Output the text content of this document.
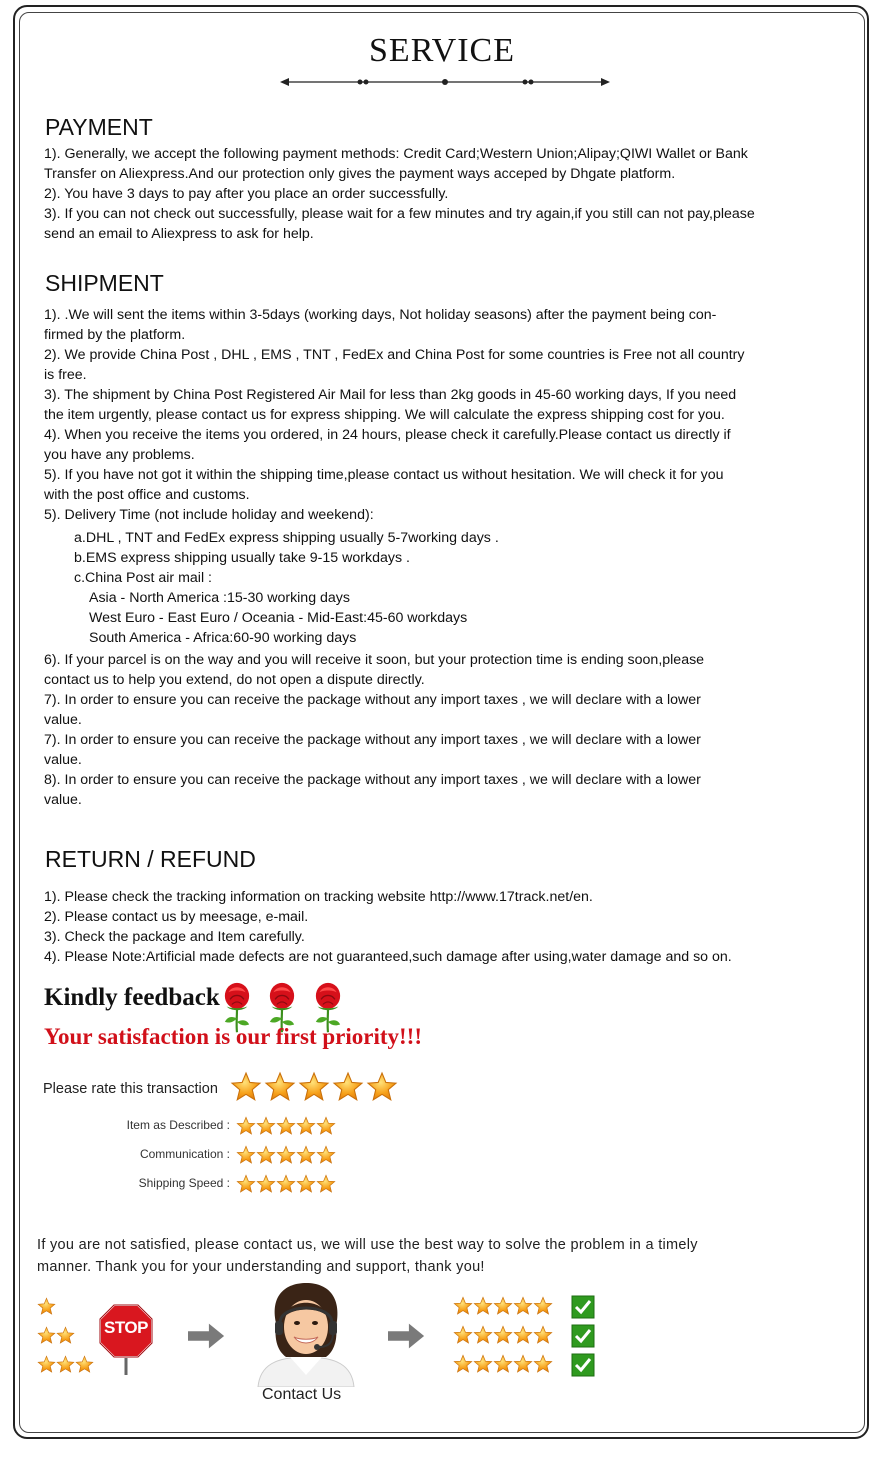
SERVICE
PAYMENT

1). Generally, we accept the following payment methods: Credit Card;Western Union;Alipay;QIWI Wallet or Bank

Transfer on Aliexpress.And our protection only gives the payment ways acceped by Dhgate platform.

2). You have 3 days to pay after you place an order successfully.

3). If you can not check out successfully, please wait for a few minutes and try again,if you still can not pay,please

send an email to Aliexpress to ask for help.

SHIPMENT

1). .We will sent the items within 3-5days (working days, Not holiday seasons) after the payment being con-

firmed by the platform.

2). We provide China Post , DHL , EMS , TNT , FedEx and China Post for some countries is Free not all country

is free.

3). The shipment by China Post Registered Air Mail for less than 2kg goods in 45-60 working days, If you need

the item urgently, please contact us for express shipping. We will calculate the express shipping cost for you.

4). When you receive the items you ordered, in 24 hours, please check it carefully.Please contact us directly if

you have any problems.

5). If you have not got it within the shipping time,please contact us without hesitation. We will check it for you

with the post office and customs.

5). Delivery Time (not include holiday and weekend):

a.DHL , TNT and FedEx express shipping usually 5-7working days .

b.EMS express shipping usually take 9-15 workdays .

c.China Post air mail :

Asia - North America :15-30 working days

West Euro - East Euro / Oceania - Mid-East:45-60 workdays

South America - Africa:60-90 working days

6). If your parcel is on the way and you will receive it soon, but your protection time is ending soon,please

contact us to help you extend, do not open a dispute directly.

7). In order to ensure you can receive the package without any import taxes , we will declare with a lower

value.

7). In order to ensure you can receive the package without any import taxes , we will declare with a lower

value.

8). In order to ensure you can receive the package without any import taxes , we will declare with a lower

value.

RETURN / REFUND

1). Please check the tracking information on tracking website http://www.17track.net/en.

2). Please contact us by meesage, e-mail.

3). Check the package and Item carefully.

4). Please Note:Artificial made defects are not guaranteed,such damage after using,water damage and so on.

Kindly feedback
Your satisfaction is our first priority!!!
Please rate this transaction
Item as Described :
Communication :
Shipping Speed :
If you are not satisfied, please contact us, we will use the best way to solve the problem in a timely
manner. Thank you for your understanding and support, thank you!
STOP
Contact Us
